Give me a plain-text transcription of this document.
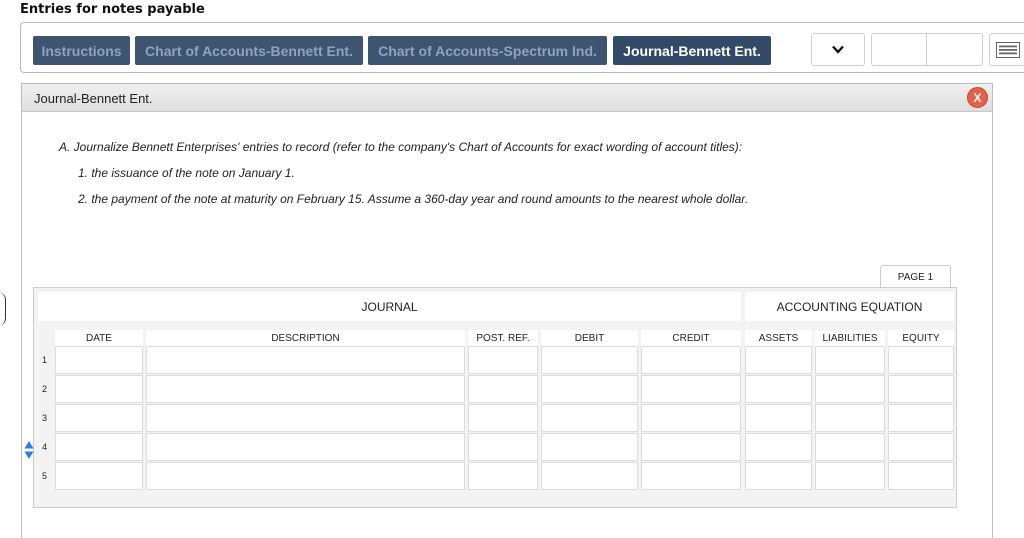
Entries for notes payable
Instructions	Chart of Accounts-Bennett Ent.	Chart of Accounts-Spectrum Ind.	Journal-Bennett Ent.
Journal-Bennett Ent.	X
A. Journalize Bennett Enterprises' entries to record (refer to the company's Chart of Accounts for exact wording of account titles):
1. the issuance of the note on January 1.
2. the payment of the note at maturity on February 15. Assume a 360-day year and round amounts to the nearest whole dollar.
PAGE 1
JOURNAL	ACCOUNTING EQUATION
DATE	DESCRIPTION	POST. REF.	DEBIT	CREDIT	ASSETS	LIABILITIES	EQUITY
1
2
3
4
5
